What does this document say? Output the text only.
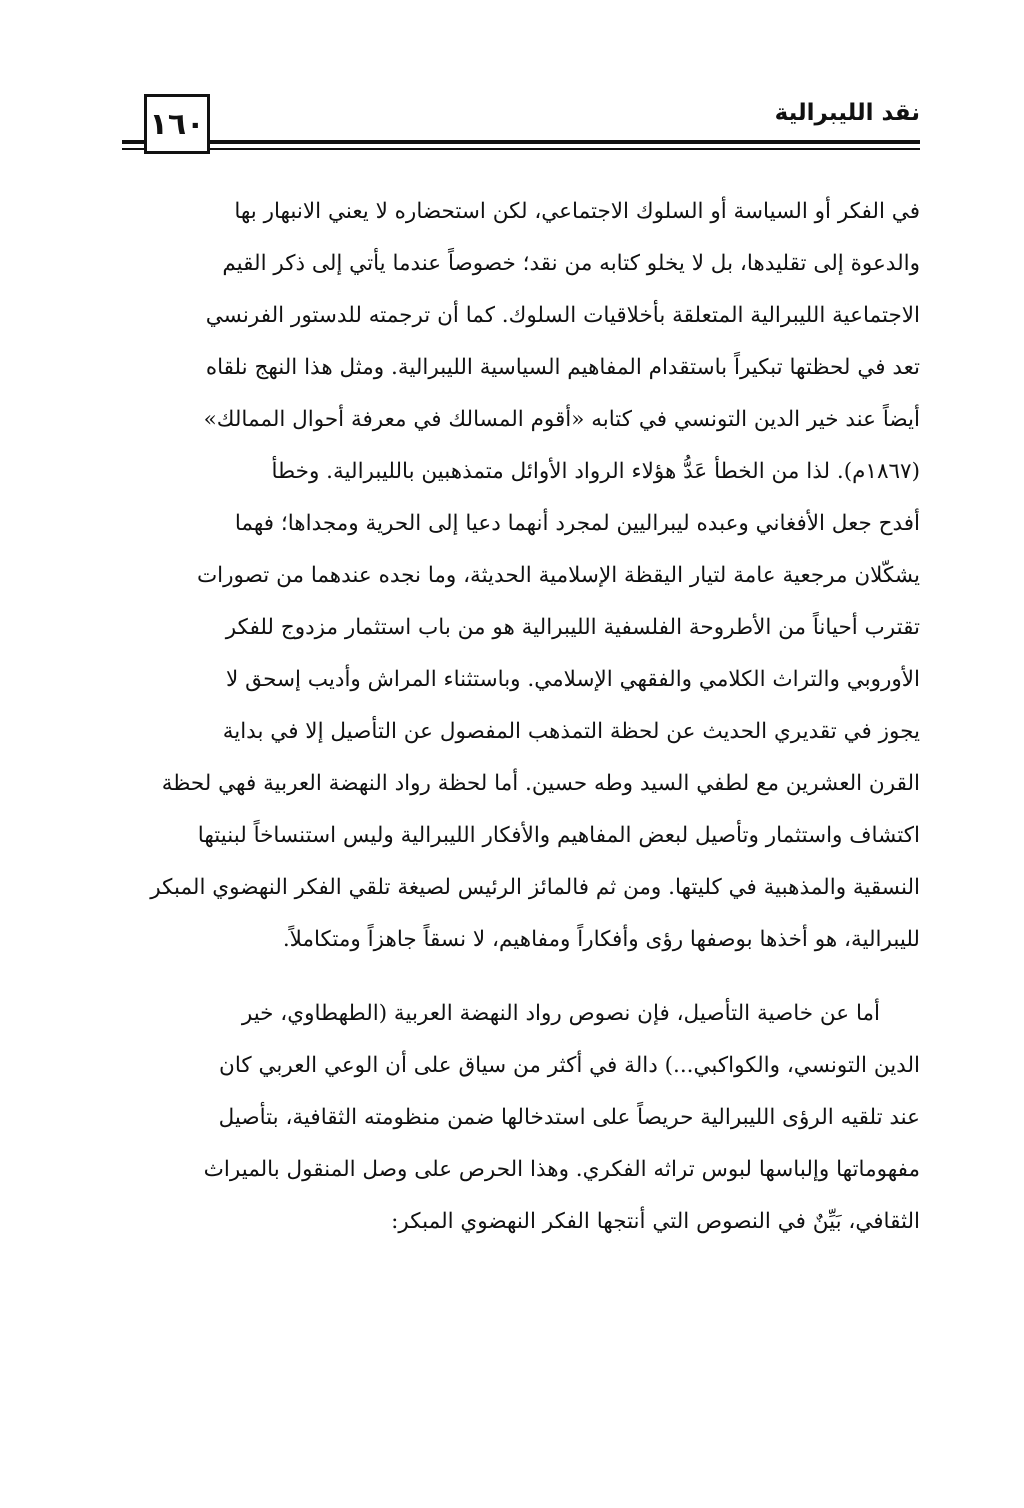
١٦٠	نقد الليبرالية
في الفكر أو السياسة أو السلوك الاجتماعي، لكن استحضاره لا يعني الانبهار بها
والدعوة إلى تقليدها، بل لا يخلو كتابه من نقد؛ خصوصاً عندما يأتي إلى ذكر القيم
الاجتماعية الليبرالية المتعلقة بأخلاقيات السلوك. كما أن ترجمته للدستور الفرنسي
تعد في لحظتها تبكيراً باستقدام المفاهيم السياسية الليبرالية. ومثل هذا النهج نلقاه
أيضاً عند خير الدين التونسي في كتابه «أقوم المسالك في معرفة أحوال الممالك»
(١٨٦٧م). لذا من الخطأ عَدُّ هؤلاء الرواد الأوائل متمذهبين بالليبرالية. وخطأ
أفدح جعل الأفغاني وعبده ليبراليين لمجرد أنهما دعيا إلى الحرية ومجداها؛ فهما
يشكّلان مرجعية عامة لتيار اليقظة الإسلامية الحديثة، وما نجده عندهما من تصورات
تقترب أحياناً من الأطروحة الفلسفية الليبرالية هو من باب استثمار مزدوج للفكر
الأوروبي والتراث الكلامي والفقهي الإسلامي. وباستثناء المراش وأديب إسحق لا
يجوز في تقديري الحديث عن لحظة التمذهب المفصول عن التأصيل إلا في بداية
القرن العشرين مع لطفي السيد وطه حسين. أما لحظة رواد النهضة العربية فهي لحظة
اكتشاف واستثمار وتأصيل لبعض المفاهيم والأفكار الليبرالية وليس استنساخاً لبنيتها
النسقية والمذهبية في كليتها. ومن ثم فالمائز الرئيس لصيغة تلقي الفكر النهضوي المبكر
لليبرالية، هو أخذها بوصفها رؤى وأفكاراً ومفاهيم، لا نسقاً جاهزاً ومتكاملاً.
أما عن خاصية التأصيل، فإن نصوص رواد النهضة العربية (الطهطاوي، خير
الدين التونسي، والكواكبي...) دالة في أكثر من سياق على أن الوعي العربي كان
عند تلقيه الرؤى الليبرالية حريصاً على استدخالها ضمن منظومته الثقافية، بتأصيل
مفهوماتها وإلباسها لبوس تراثه الفكري. وهذا الحرص على وصل المنقول بالميراث
الثقافي، بَيِّنٌ في النصوص التي أنتجها الفكر النهضوي المبكر:
